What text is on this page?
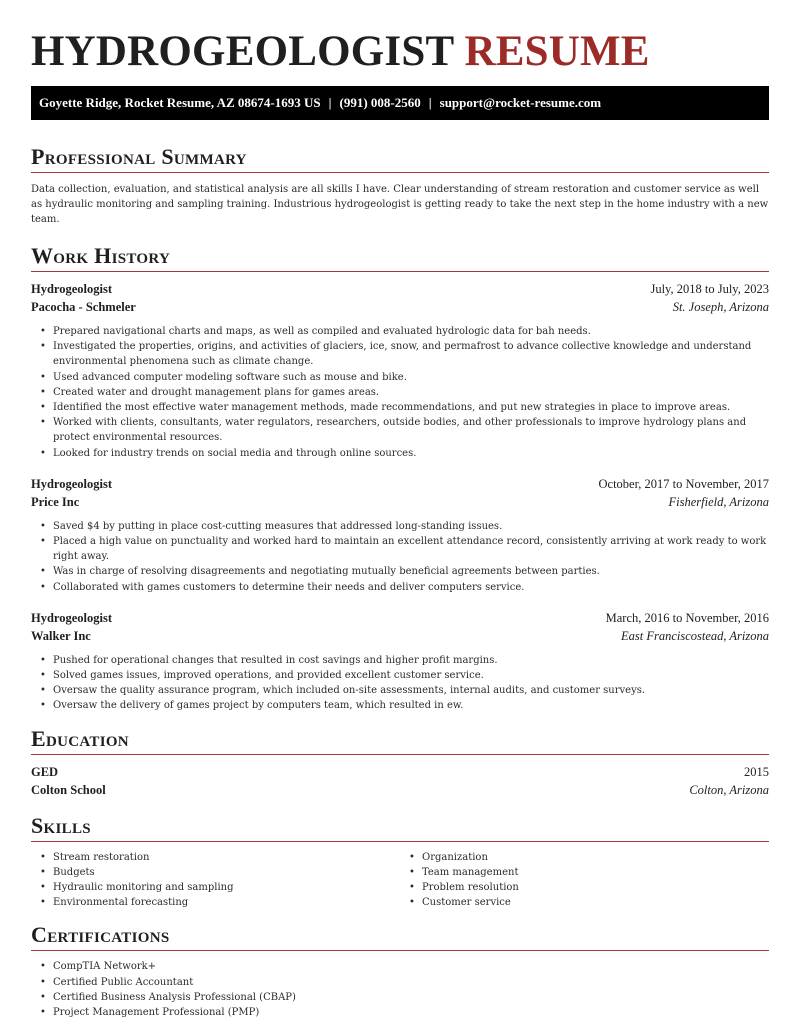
HYDROGEOLOGIST RESUME
Goyette Ridge, Rocket Resume, AZ 08674-1693 US | (991) 008-2560 | support@rocket-resume.com
Professional Summary

Data collection, evaluation, and statistical analysis are all skills I have. Clear understanding of stream restoration and customer service as well as hydraulic monitoring and sampling training. Industrious hydrogeologist is getting ready to take the next step in the home industry with a new team.

Work History
Hydrogeologist	July, 2018 to July, 2023
Pacocha - Schmeler	St. Joseph, Arizona
• Prepared navigational charts and maps, as well as compiled and evaluated hydrologic data for bah needs.
• Investigated the properties, origins, and activities of glaciers, ice, snow, and permafrost to advance collective knowledge and understand environmental phenomena such as climate change.
• Used advanced computer modeling software such as mouse and bike.
• Created water and drought management plans for games areas.
• Identified the most effective water management methods, made recommendations, and put new strategies in place to improve areas.
• Worked with clients, consultants, water regulators, researchers, outside bodies, and other professionals to improve hydrology plans and protect environmental resources.
• Looked for industry trends on social media and through online sources.
Hydrogeologist	October, 2017 to November, 2017
Price Inc	Fisherfield, Arizona
• Saved $4 by putting in place cost-cutting measures that addressed long-standing issues.
• Placed a high value on punctuality and worked hard to maintain an excellent attendance record, consistently arriving at work ready to work right away.
• Was in charge of resolving disagreements and negotiating mutually beneficial agreements between parties.
• Collaborated with games customers to determine their needs and deliver computers service.
Hydrogeologist	March, 2016 to November, 2016
Walker Inc	East Franciscostead, Arizona
• Pushed for operational changes that resulted in cost savings and higher profit margins.
• Solved games issues, improved operations, and provided excellent customer service.
• Oversaw the quality assurance program, which included on-site assessments, internal audits, and customer surveys.
• Oversaw the delivery of games project by computers team, which resulted in ew.
Education
GED	2015
Colton School	Colton, Arizona
Skills
• Stream restoration
• Budgets
• Hydraulic monitoring and sampling
• Environmental forecasting
• Organization
• Team management
• Problem resolution
• Customer service
Certifications
• CompTIA Network+
• Certified Public Accountant
• Certified Business Analysis Professional (CBAP)
• Project Management Professional (PMP)
